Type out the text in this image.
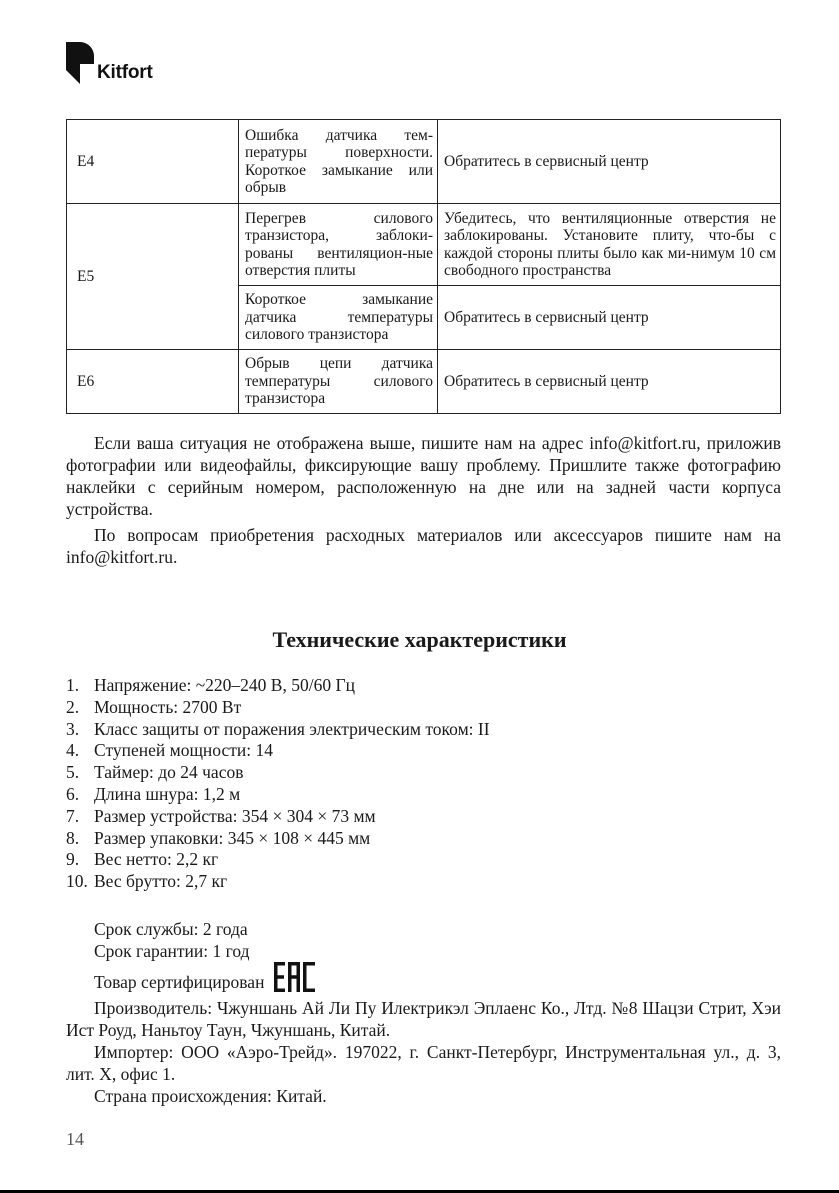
Kitfort
E4	Ошибка датчика тем-пературы поверхности. Короткое замыкание или обрыв	Обратитесь в сервисный центр
E5	Перегрев силового транзистора, заблоки-рованы вентиляцион-ные отверстия плиты	Убедитесь, что вентиляционные отверстия не заблокированы. Установите плиту, что-бы с каждой стороны плиты было как ми-нимум 10 см свободного пространства
	Короткое замыкание датчика температуры силового транзистора	Обратитесь в сервисный центр
E6	Обрыв цепи датчика температуры силового транзистора	Обратитесь в сервисный центр

Если ваша ситуация не отображена выше, пишите нам на адрес info@kitfort.ru, приложив фотографии или видеофайлы, фиксирующие вашу проблему. Пришлите также фотографию наклейки с серийным номером, расположенную на дне или на задней части корпуса устройства.

По вопросам приобретения расходных материалов или аксессуаров пишите нам на info@kitfort.ru.

Технические характеристики
1. Напряжение: ~220–240 В, 50/60 Гц
2. Мощность: 2700 Вт
3. Класс защиты от поражения электрическим током: II
4. Ступеней мощности: 14
5. Таймер: до 24 часов
6. Длина шнура: 1,2 м
7. Размер устройства: 354 × 304 × 73 мм
8. Размер упаковки: 345 × 108 × 445 мм
9. Вес нетто: 2,2 кг
10. Вес брутто: 2,7 кг
Срок службы: 2 года
Срок гарантии: 1 год
Товар сертифицирован
Производитель: Чжуншань Ай Ли Пу Илектрикэл Эплаенс Ко., Лтд. №8 Шацзи Стрит, Хэи Ист Роуд, Наньтоу Таун, Чжуншань, Китай.
Импортер: ООО «Аэро-Трейд». 197022, г. Санкт-Петербург, Инструментальная ул., д. 3, лит. Х, офис 1.
Страна происхождения: Китай.
14
